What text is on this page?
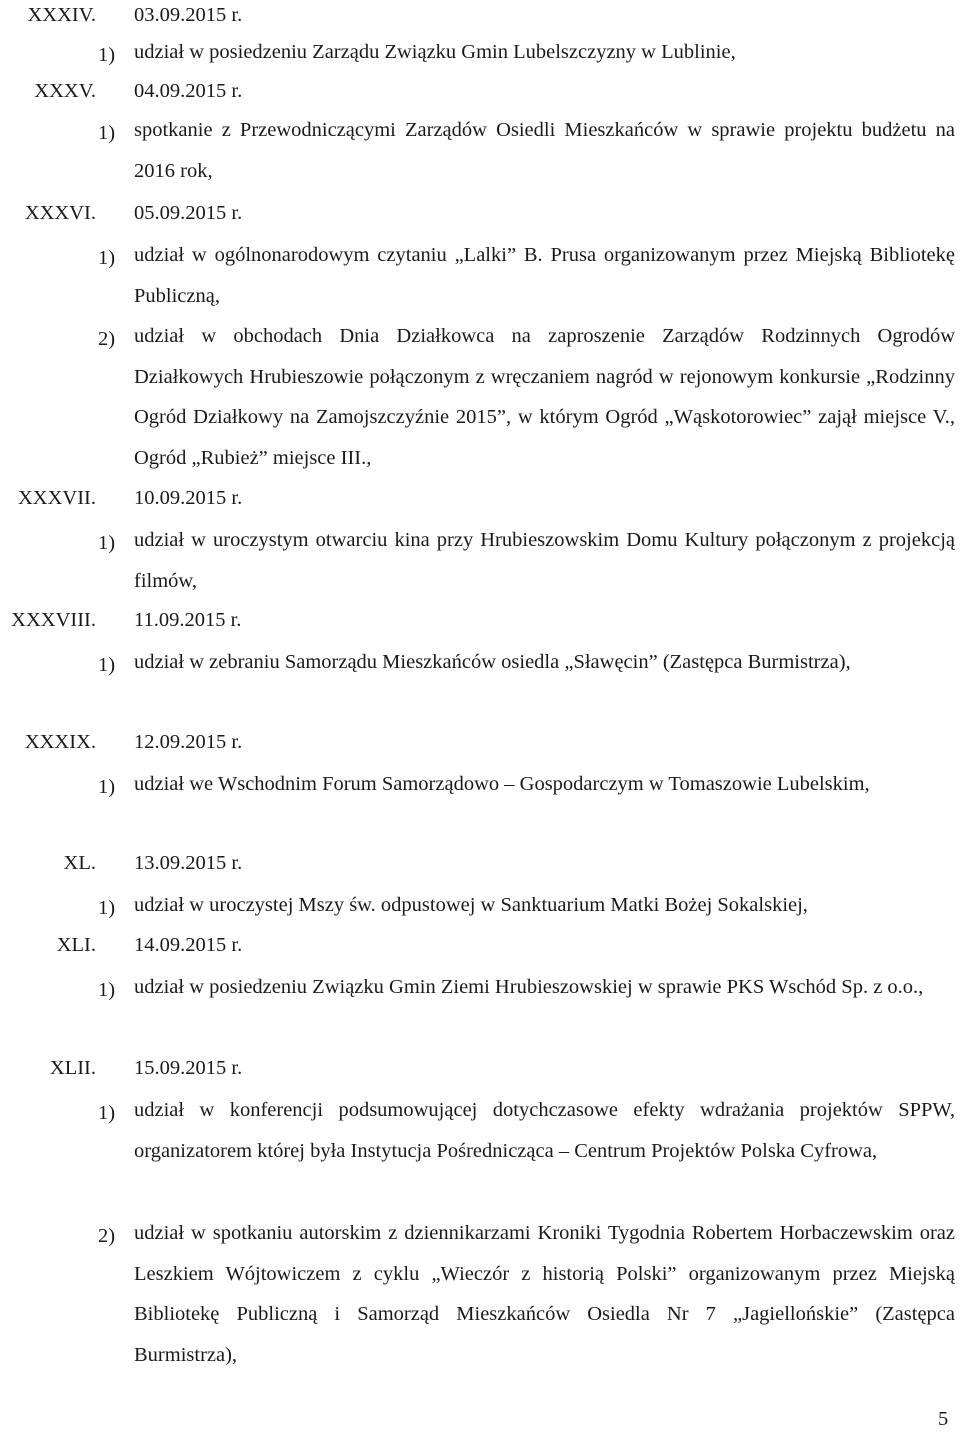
XXXIV. 03.09.2015 r.
1) udział w posiedzeniu Zarządu Związku Gmin Lubelszczyzny w Lublinie,
XXXV. 04.09.2015 r.
1) spotkanie z Przewodniczącymi Zarządów Osiedli Mieszkańców w sprawie projektu budżetu na 2016 rok,
XXXVI. 05.09.2015 r.
1) udział w ogólnonarodowym czytaniu „Lalki” B. Prusa organizowanym przez Miejską Bibliotekę Publiczną,
2) udział w obchodach Dnia Działkowca na zaproszenie Zarządów Rodzinnych Ogrodów Działkowych Hrubieszowie połączonym z wręczaniem nagród w rejonowym konkursie „Rodzinny Ogród Działkowy na Zamojszczyźnie 2015”, w którym Ogród „Wąskotorowiec” zajął miejsce V., Ogród „Rubież” miejsce III.,
XXXVII. 10.09.2015 r.
1) udział w uroczystym otwarciu kina przy Hrubieszowskim Domu Kultury połączonym z projekcją filmów,
XXXVIII. 11.09.2015 r.
1) udział w zebraniu Samorządu Mieszkańców osiedla „Sławęcin” (Zastępca Burmistrza),
XXXIX. 12.09.2015 r.
1) udział we Wschodnim Forum Samorządowo – Gospodarczym w Tomaszowie Lubelskim,
XL. 13.09.2015 r.
1) udział w uroczystej Mszy św. odpustowej w Sanktuarium Matki Bożej Sokalskiej,
XLI. 14.09.2015 r.
1) udział w posiedzeniu Związku Gmin Ziemi Hrubieszowskiej w sprawie PKS Wschód Sp. z o.o.,
XLII. 15.09.2015 r.
1) udział w konferencji podsumowującej dotychczasowe efekty wdrażania projektów SPPW, organizatorem której była Instytucja Pośrednicząca – Centrum Projektów Polska Cyfrowa,
2) udział w spotkaniu autorskim z dziennikarzami Kroniki Tygodnia Robertem Horbaczewskim oraz Leszkiem Wójtowiczem z cyklu „Wieczór z historią Polski” organizowanym przez Miejską Bibliotekę Publiczną i Samorząd Mieszkańców Osiedla Nr 7 „Jagiellońskie” (Zastępca Burmistrza),
5
